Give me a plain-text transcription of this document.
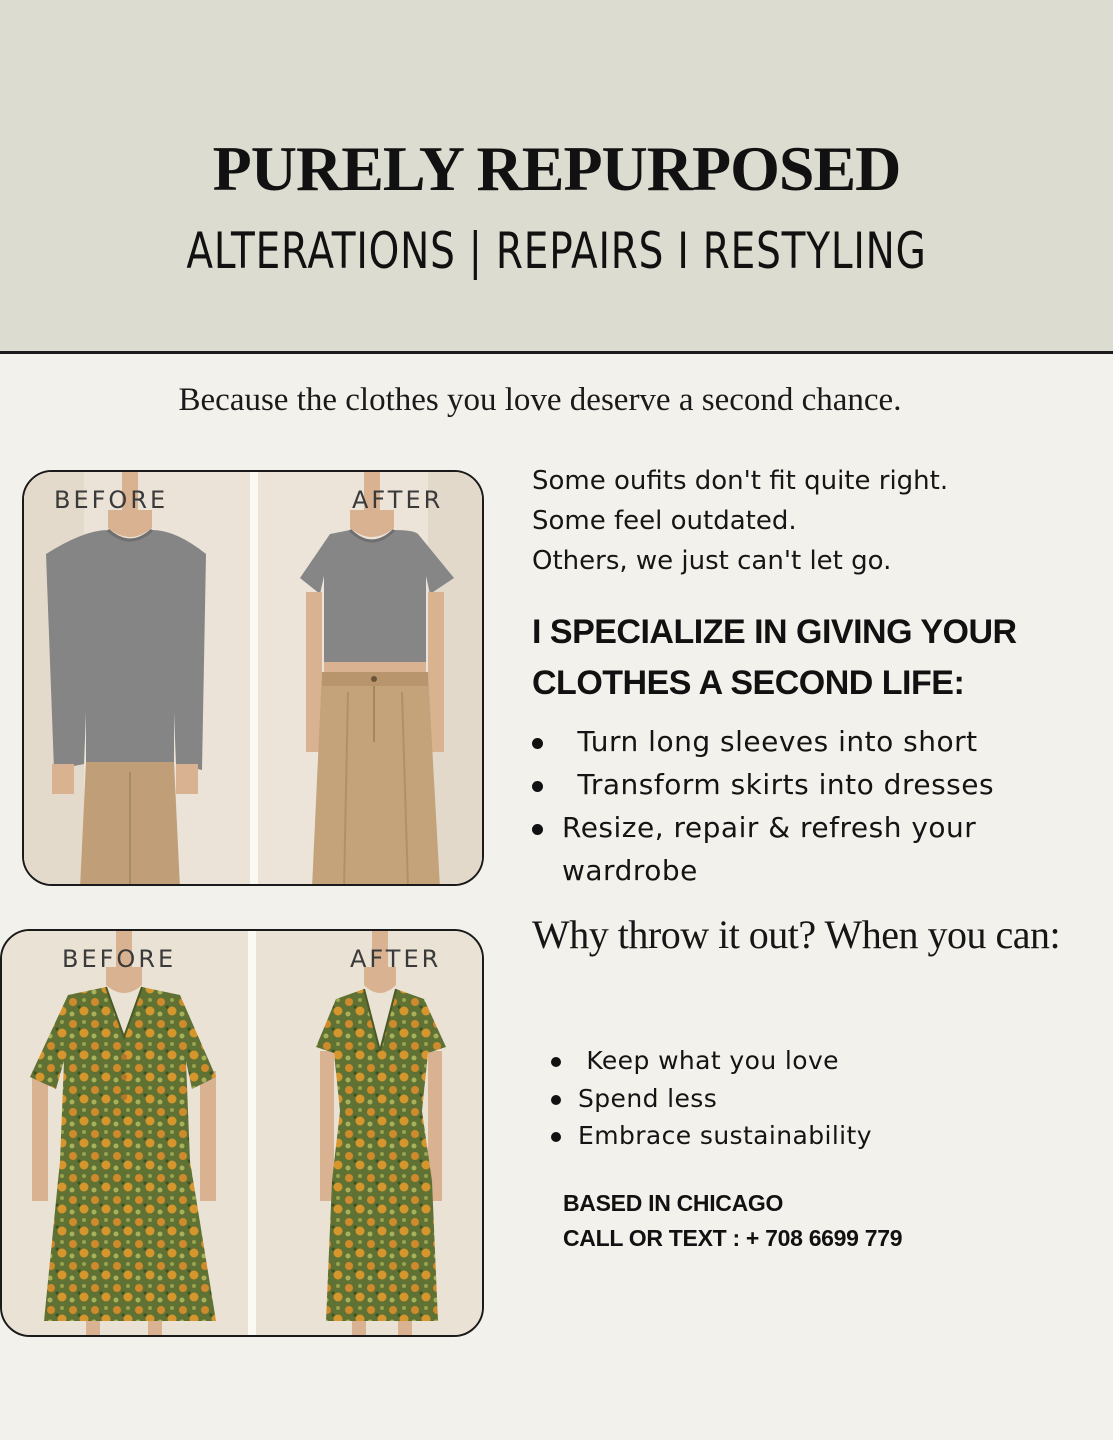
PURELY REPURPOSED
ALTERATIONS | REPAIRS I RESTYLING
Because the clothes you love deserve a second chance.
BEFORE	AFTER
BEFORE	AFTER
Some oufits don't fit quite right.
Some feel outdated.
Others, we just can't let go.
I SPECIALIZE IN GIVING YOUR
CLOTHES A SECOND LIFE:
Turn long sleeves into short
Transform skirts into dresses
Resize, repair & refresh your wardrobe
Why throw it out? When you can:
Keep what you love
Spend less
Embrace sustainability
BASED IN CHICAGO
CALL OR TEXT : + 708 6699 779
